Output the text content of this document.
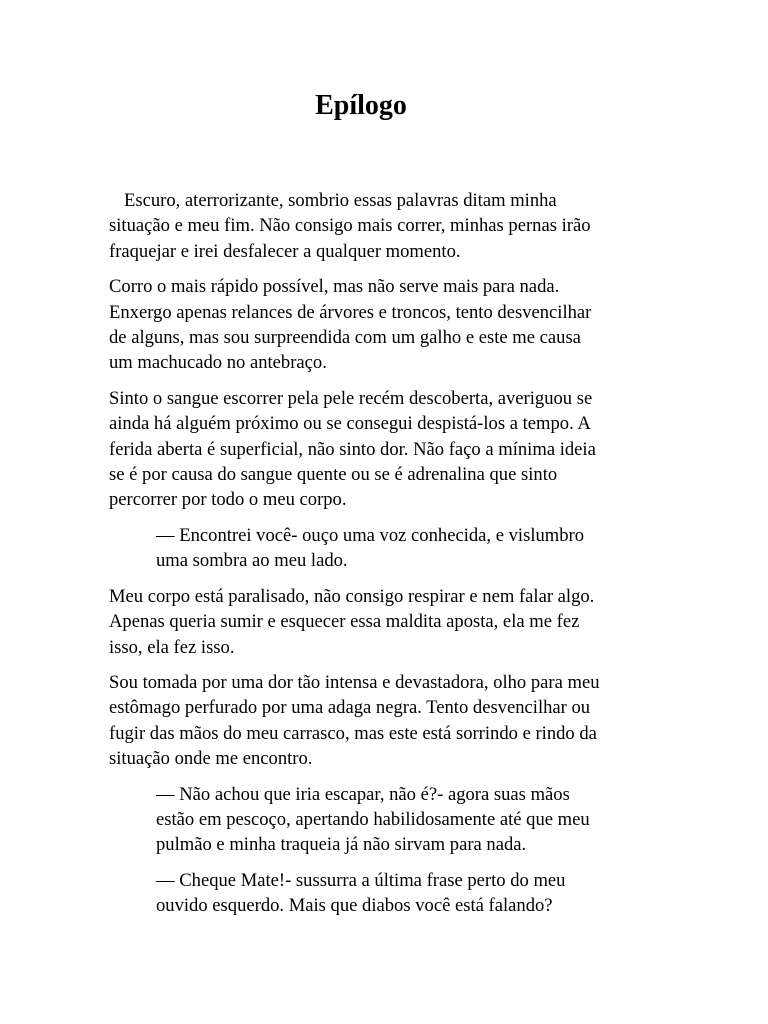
Epílogo

Escuro, aterrorizante, sombrio essas palavras ditam minha
situação e meu fim. Não consigo mais correr, minhas pernas irão
fraquejar e irei desfalecer a qualquer momento.

Corro o mais rápido possível, mas não serve mais para nada.
Enxergo apenas relances de árvores e troncos, tento desvencilhar
de alguns, mas sou surpreendida com um galho e este me causa
um machucado no antebraço.

Sinto o sangue escorrer pela pele recém descoberta, averiguou se
ainda há alguém próximo ou se consegui despistá-los a tempo. A
ferida aberta é superficial, não sinto dor. Não faço a mínima ideia
se é por causa do sangue quente ou se é adrenalina que sinto
percorrer por todo o meu corpo.

— Encontrei você- ouço uma voz conhecida, e vislumbro
uma sombra ao meu lado.

Meu corpo está paralisado, não consigo respirar e nem falar algo.
Apenas queria sumir e esquecer essa maldita aposta, ela me fez
isso, ela fez isso.

Sou tomada por uma dor tão intensa e devastadora, olho para meu
estômago perfurado por uma adaga negra. Tento desvencilhar ou
fugir das mãos do meu carrasco, mas este está sorrindo e rindo da
situação onde me encontro.

— Não achou que iria escapar, não é?- agora suas mãos
estão em pescoço, apertando habilidosamente até que meu
pulmão e minha traqueia já não sirvam para nada.

— Cheque Mate!- sussurra a última frase perto do meu
ouvido esquerdo. Mais que diabos você está falando?
